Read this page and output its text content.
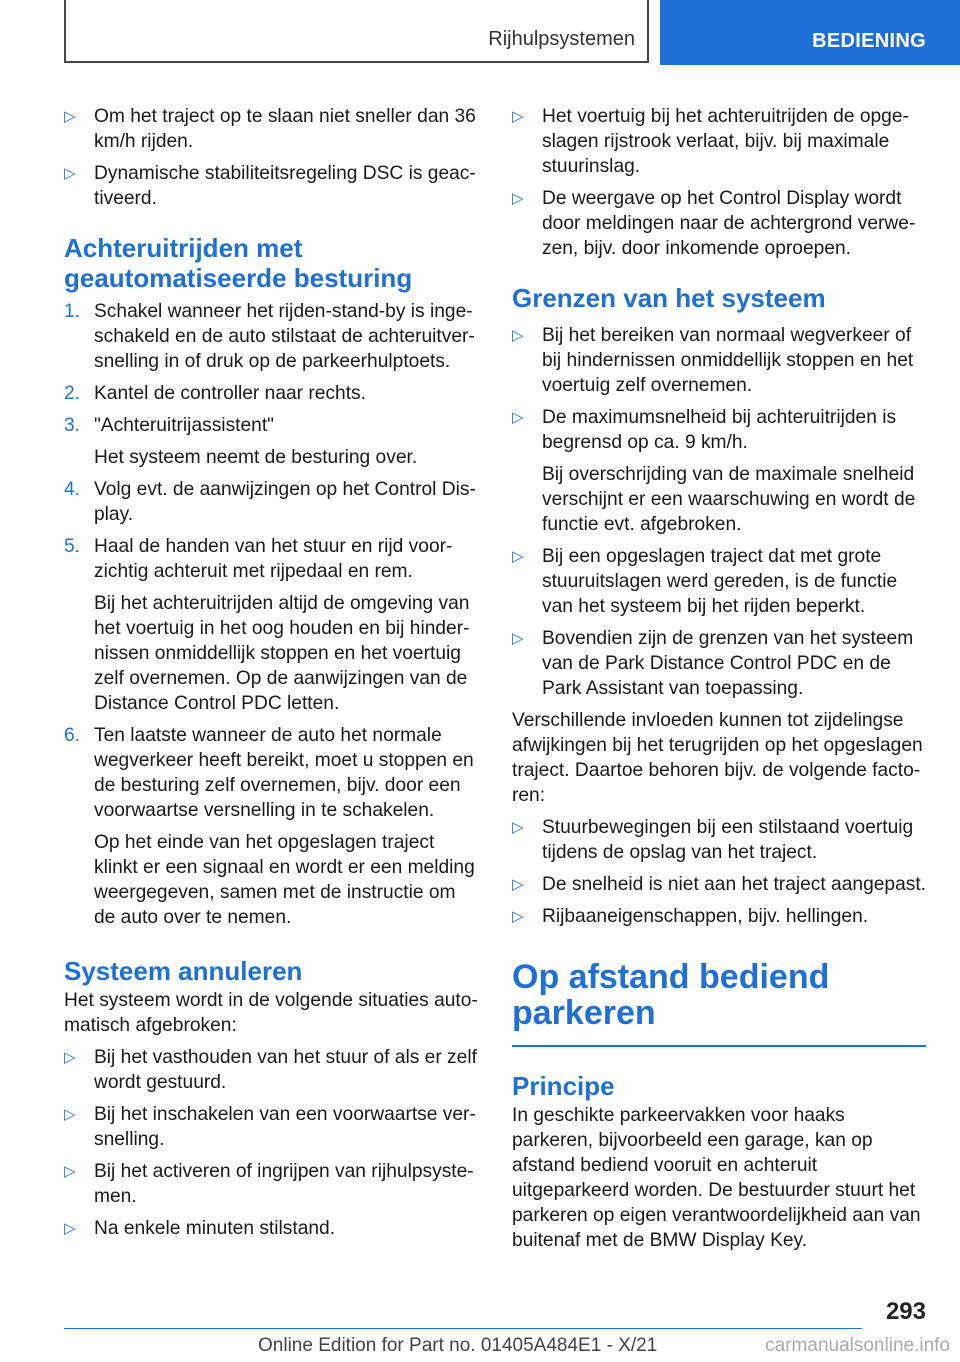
Rijhulpsystemen	BEDIENING
▷ Om het traject op te slaan niet sneller dan 36 km/h rijden.

▷ Dynamische stabiliteitsregeling DSC is geactiveerd.

Achteruitrijden met geautomatiseerde besturing
1. Schakel wanneer het rijden-stand-by is ingeschakeld en de auto stilstaat de achteruitversnelling in of druk op de parkeerhulptoets.

2. Kantel de controller naar rechts.

3. "Achteruitrijassistent"

Het systeem neemt de besturing over.

4. Volg evt. de aanwijzingen op het Control Display.

5. Haal de handen van het stuur en rijd voorzichtig achteruit met rijpedaal en rem.

Bij het achteruitrijden altijd de omgeving van het voertuig in het oog houden en bij hindernissen onmiddellijk stoppen en het voertuig zelf overnemen. Op de aanwijzingen van de Distance Control PDC letten.

6. Ten laatste wanneer de auto het normale wegverkeer heeft bereikt, moet u stoppen en de besturing zelf overnemen, bijv. door een voorwaartse versnelling in te schakelen.

Op het einde van het opgeslagen traject klinkt er een signaal en wordt er een melding weergegeven, samen met de instructie om de auto over te nemen.

Systeem annuleren

Het systeem wordt in de volgende situaties automatisch afgebroken:

▷ Bij het vasthouden van het stuur of als er zelf wordt gestuurd.

▷ Bij het inschakelen van een voorwaartse versnelling.

▷ Bij het activeren of ingrijpen van rijhulpsystemen.

▷ Na enkele minuten stilstand.

▷ Het voertuig bij het achteruitrijden de opgeslagen rijstrook verlaat, bijv. bij maximale stuurinslag.

▷ De weergave op het Control Display wordt door meldingen naar de achtergrond verwezen, bijv. door inkomende oproepen.

Grenzen van het systeem
▷ Bij het bereiken van normaal wegverkeer of bij hindernissen onmiddellijk stoppen en het voertuig zelf overnemen.

▷ De maximumsnelheid bij achteruitrijden is begrensd op ca. 9 km/h.

Bij overschrijding van de maximale snelheid verschijnt er een waarschuwing en wordt de functie evt. afgebroken.

▷ Bij een opgeslagen traject dat met grote stuuruitslagen werd gereden, is de functie van het systeem bij het rijden beperkt.

▷ Bovendien zijn de grenzen van het systeem van de Park Distance Control PDC en de Park Assistant van toepassing.

Verschillende invloeden kunnen tot zijdelingse afwijkingen bij het terugrijden op het opgeslagen traject. Daartoe behoren bijv. de volgende factoren:

▷ Stuurbewegingen bij een stilstaand voertuig tijdens de opslag van het traject.

▷ De snelheid is niet aan het traject aangepast.

▷ Rijbaaneigenschappen, bijv. hellingen.

Op afstand bediend parkeren
Principe

In geschikte parkeervakken voor haaks parkeren, bijvoorbeeld een garage, kan op afstand bediend vooruit en achteruit uitgeparkeerd worden. De bestuurder stuurt het parkeren op eigen verantwoordelijkheid aan van buitenaf met de BMW Display Key.

293
Online Edition for Part no. 01405A484E1 - X/21	carmanualsonline.info
